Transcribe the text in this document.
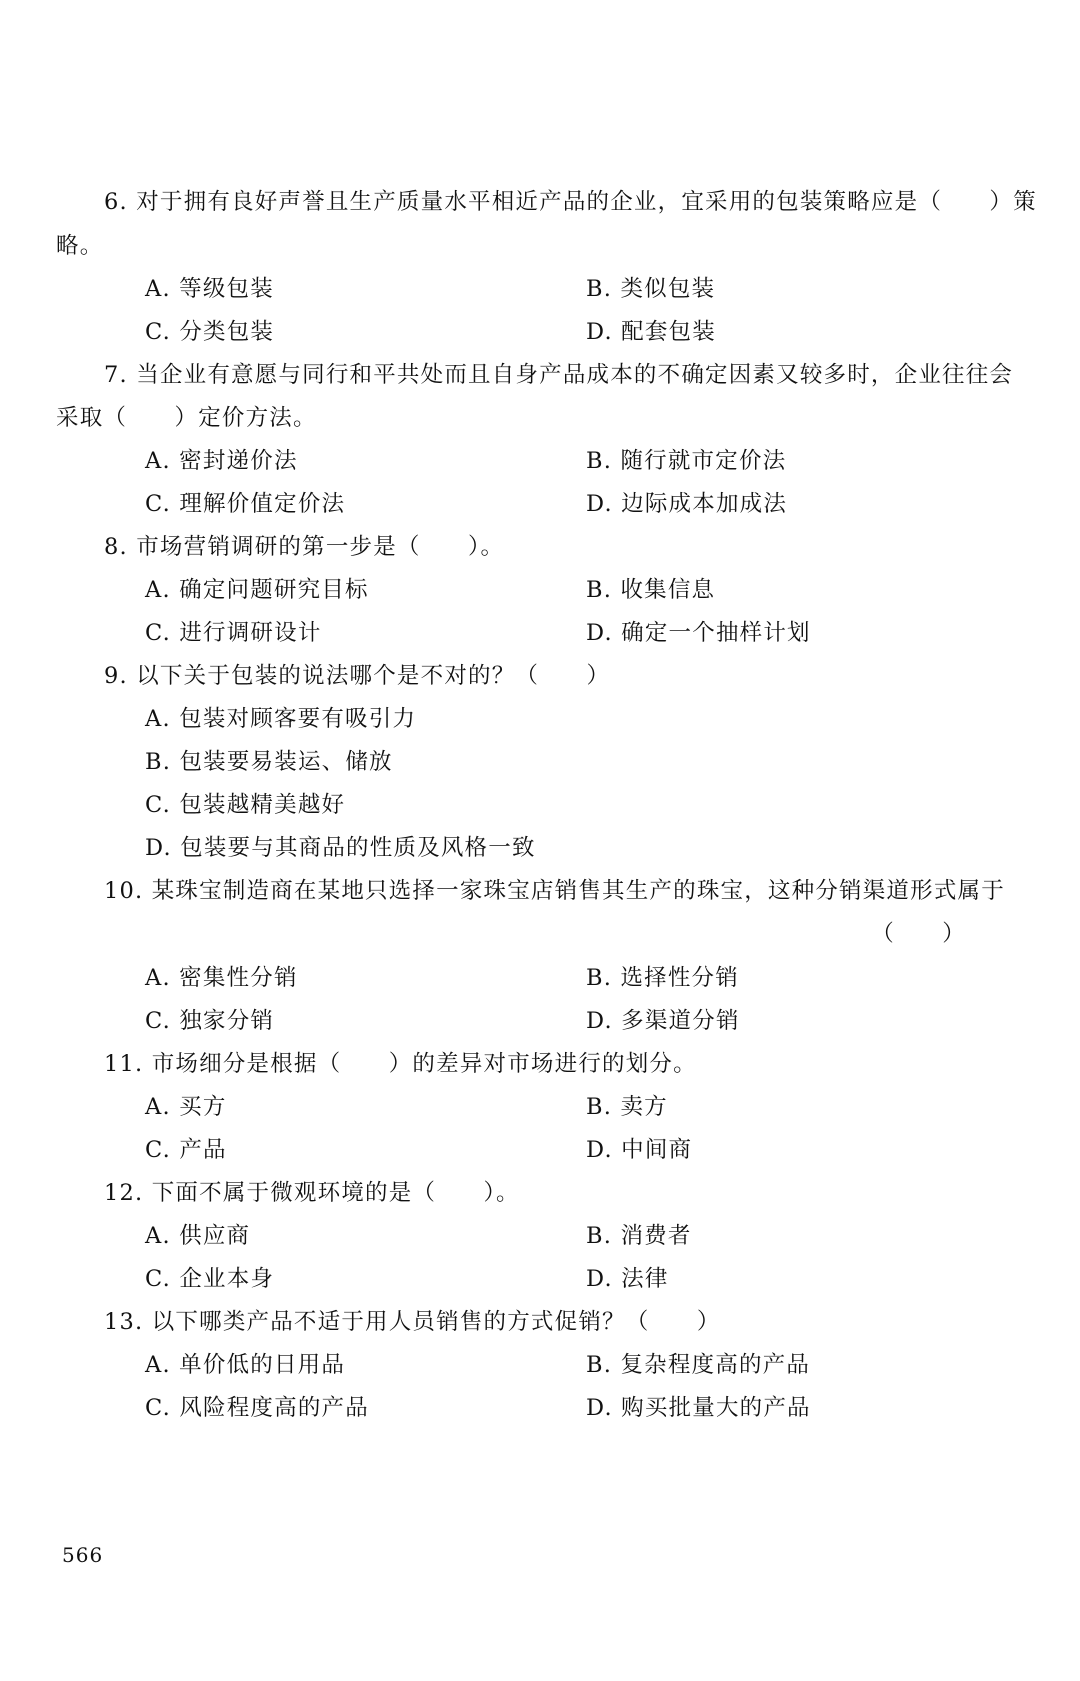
6. 对于拥有良好声誉且生产质量水平相近产品的企业，宜采用的包装策略应是（　　）策
略。
A. 等级包装	B. 类似包装
C. 分类包装	D. 配套包装
7. 当企业有意愿与同行和平共处而且自身产品成本的不确定因素又较多时，企业往往会
采取（　　）定价方法。
A. 密封递价法	B. 随行就市定价法
C. 理解价值定价法	D. 边际成本加成法
8. 市场营销调研的第一步是（　　）。
A. 确定问题研究目标	B. 收集信息
C. 进行调研设计	D. 确定一个抽样计划
9. 以下关于包装的说法哪个是不对的？（　　）
A. 包装对顾客要有吸引力
B. 包装要易装运、储放
C. 包装越精美越好
D. 包装要与其商品的性质及风格一致
10. 某珠宝制造商在某地只选择一家珠宝店销售其生产的珠宝，这种分销渠道形式属于
（　　）
A. 密集性分销	B. 选择性分销
C. 独家分销	D. 多渠道分销
11. 市场细分是根据（　　）的差异对市场进行的划分。
A. 买方	B. 卖方
C. 产品	D. 中间商
12. 下面不属于微观环境的是（　　）。
A. 供应商	B. 消费者
C. 企业本身	D. 法律
13. 以下哪类产品不适于用人员销售的方式促销？（　　）
A. 单价低的日用品	B. 复杂程度高的产品
C. 风险程度高的产品	D. 购买批量大的产品
566
